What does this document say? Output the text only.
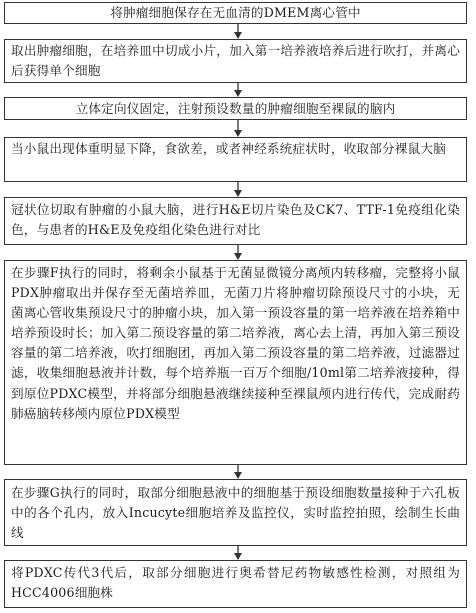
将肿瘤细胞保存在无血清的DMEM离心管中
取出肿瘤细胞，在培养皿中切成小片，加入第一培养液培养后进行吹打，并离心后获得单个细胞
立体定向仪固定，注射预设数量的肿瘤细胞至裸鼠的脑内
当小鼠出现体重明显下降，食欲差，或者神经系统症状时，收取部分裸鼠大脑
冠状位切取有肿瘤的小鼠大脑，进行H&E切片染色及CK7、TTF-1免疫组化染色，与患者的H&E及免疫组化染色进行对比
在步骤F执行的同时，将剩余小鼠基于无菌显微镜分离颅内转移瘤，完整将小鼠PDX肿瘤取出并保存至无菌培养皿，无菌刀片将肿瘤切除预设尺寸的小块，无菌离心管收集预设尺寸的肿瘤小块，加入第一预设容量的第一培养液在培养箱中培养预设时长；加入第二预设容量的第二培养液，离心去上清，再加入第三预设容量的第二培养液，吹打细胞团，再加入第二预设容量的第二培养液，过滤器过滤，收集细胞悬液并计数，每个培养瓶一百万个细胞/10ml第二培养液接种，得到原位PDXC模型，并将部分细胞悬液继续接种至裸鼠颅内进行传代，完成耐药肺癌脑转移颅内原位PDX模型
在步骤G执行的同时，取部分细胞悬液中的细胞基于预设细胞数量接种于六孔板中的各个孔内，放入Incucyte细胞培养及监控仪，实时监控拍照，绘制生长曲线
将PDXC传代3代后，取部分细胞进行奥希替尼药物敏感性检测，对照组为HCC4006细胞株
